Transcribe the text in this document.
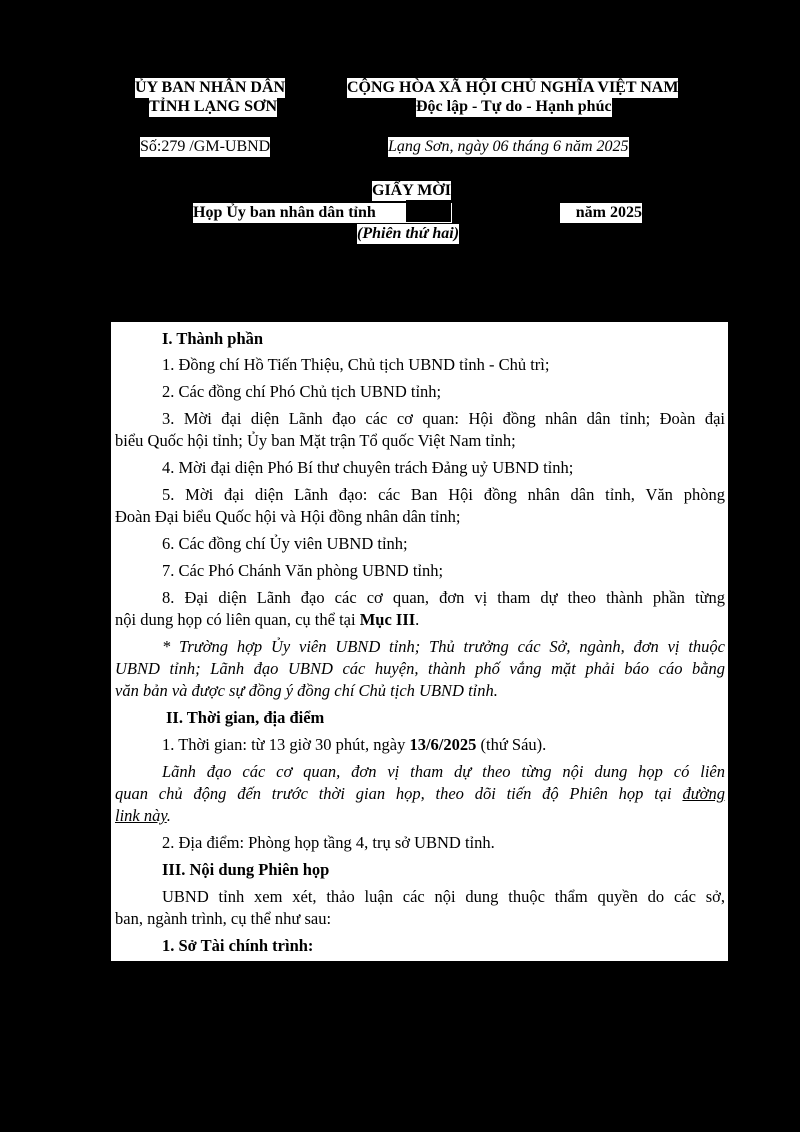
ỦY BAN NHÂN DÂN
TỈNH LẠNG SƠN
CỘNG HÒA XÃ HỘI CHỦ NGHĨA VIỆT NAM
Độc lập - Tự do - Hạnh phúc
Số:279 /GM-UBND	Lạng Sơn, ngày 06 tháng 6 năm 2025
GIẤY MỜI
Họp Ủy ban nhân dân tỉnh	năm 2025
(Phiên thứ hai)
I. Thành phần
1. Đồng chí Hồ Tiến Thiệu, Chủ tịch UBND tỉnh - Chủ trì;
2. Các đồng chí Phó Chủ tịch UBND tỉnh;
3. Mời đại diện Lãnh đạo các cơ quan: Hội đồng nhân dân tỉnh; Đoàn đại
biểu Quốc hội tỉnh; Ủy ban Mặt trận Tổ quốc Việt Nam tỉnh;
4. Mời đại diện Phó Bí thư chuyên trách Đảng uỷ UBND tỉnh;
5. Mời đại diện Lãnh đạo: các Ban Hội đồng nhân dân tỉnh, Văn phòng
Đoàn Đại biểu Quốc hội và Hội đồng nhân dân tỉnh;
6. Các đồng chí Ủy viên UBND tỉnh;
7. Các Phó Chánh Văn phòng UBND tỉnh;
8. Đại diện Lãnh đạo các cơ quan, đơn vị tham dự theo thành phần từng
nội dung họp có liên quan, cụ thể tại Mục III.
* Trường hợp Ủy viên UBND tỉnh; Thủ trưởng các Sở, ngành, đơn vị thuộc
UBND tỉnh; Lãnh đạo UBND các huyện, thành phố vắng mặt phải báo cáo bằng
văn bản và được sự đồng ý đồng chí Chủ tịch UBND tỉnh.
II. Thời gian, địa điểm
1. Thời gian: từ 13 giờ 30 phút, ngày 13/6/2025 (thứ Sáu).
Lãnh đạo các cơ quan, đơn vị tham dự theo từng nội dung họp có liên
quan chủ động đến trước thời gian họp, theo dõi tiến độ Phiên họp tại đường
link này.
2. Địa điểm: Phòng họp tầng 4, trụ sở UBND tỉnh.
III. Nội dung Phiên họp
UBND tỉnh xem xét, thảo luận các nội dung thuộc thẩm quyền do các sở,
ban, ngành trình, cụ thể như sau:
1. Sở Tài chính trình:
